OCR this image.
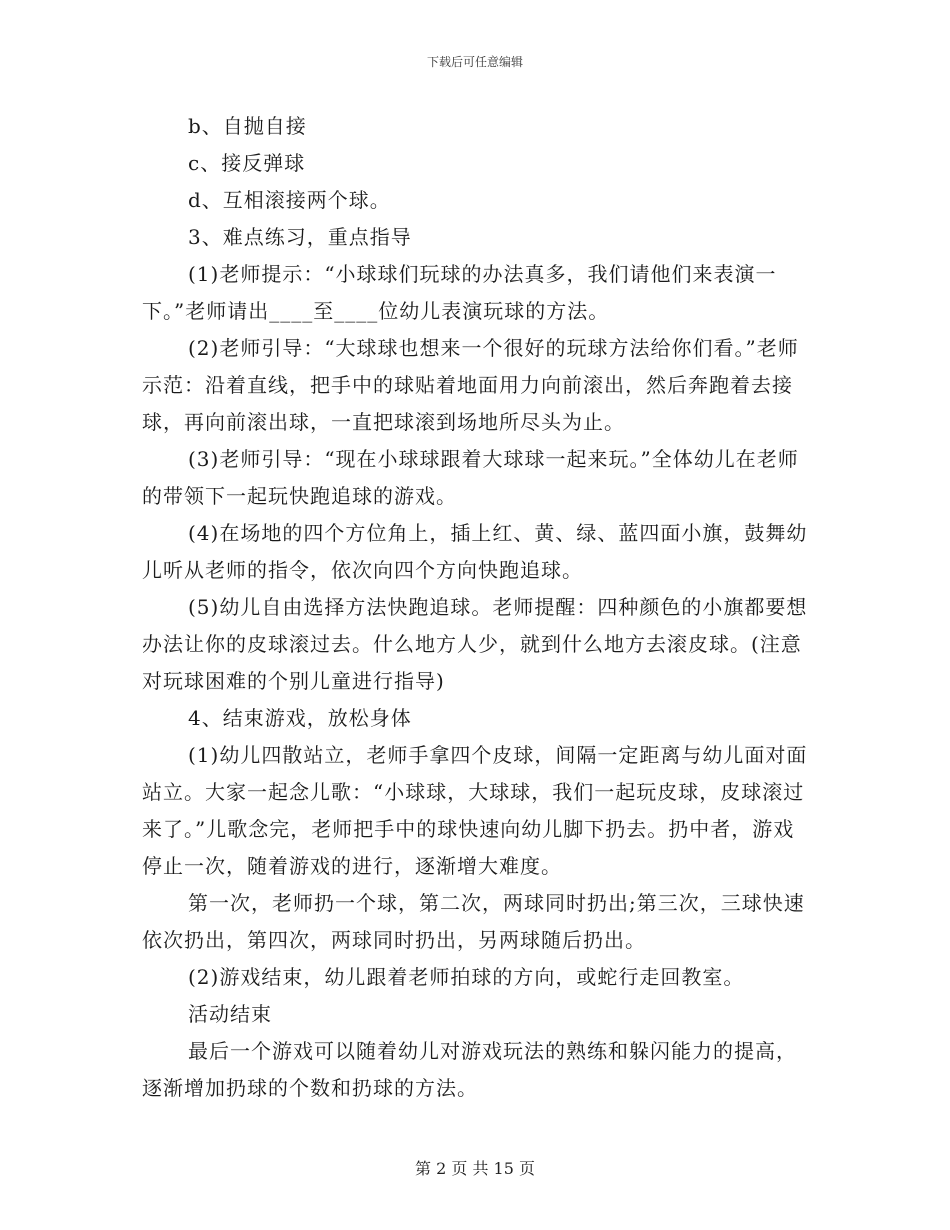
下载后可任意编辑

b、自抛自接

c、接反弹球

d、互相滚接两个球。

3、难点练习，重点指导

(1)老师提示：“小球球们玩球的办法真多，我们请他们来表演一下。”老师请出____至____位幼儿表演玩球的方法。

(2)老师引导：“大球球也想来一个很好的玩球方法给你们看。”老师示范：沿着直线，把手中的球贴着地面用力向前滚出，然后奔跑着去接球，再向前滚出球，一直把球滚到场地所尽头为止。

(3)老师引导：“现在小球球跟着大球球一起来玩。”全体幼儿在老师的带领下一起玩快跑追球的游戏。

(4)在场地的四个方位角上，插上红、黄、绿、蓝四面小旗，鼓舞幼儿听从老师的指令，依次向四个方向快跑追球。

(5)幼儿自由选择方法快跑追球。老师提醒：四种颜色的小旗都要想办法让你的皮球滚过去。什么地方人少，就到什么地方去滚皮球。(注意对玩球困难的个别儿童进行指导)

4、结束游戏，放松身体

(1)幼儿四散站立，老师手拿四个皮球，间隔一定距离与幼儿面对面站立。大家一起念儿歌：“小球球，大球球，我们一起玩皮球，皮球滚过来了。”儿歌念完，老师把手中的球快速向幼儿脚下扔去。扔中者，游戏停止一次，随着游戏的进行，逐渐增大难度。

第一次，老师扔一个球，第二次，两球同时扔出;第三次，三球快速依次扔出，第四次，两球同时扔出，另两球随后扔出。

(2)游戏结束，幼儿跟着老师拍球的方向，或蛇行走回教室。

活动结束

最后一个游戏可以随着幼儿对游戏玩法的熟练和躲闪能力的提高，逐渐增加扔球的个数和扔球的方法。

第 2 页 共 15 页
